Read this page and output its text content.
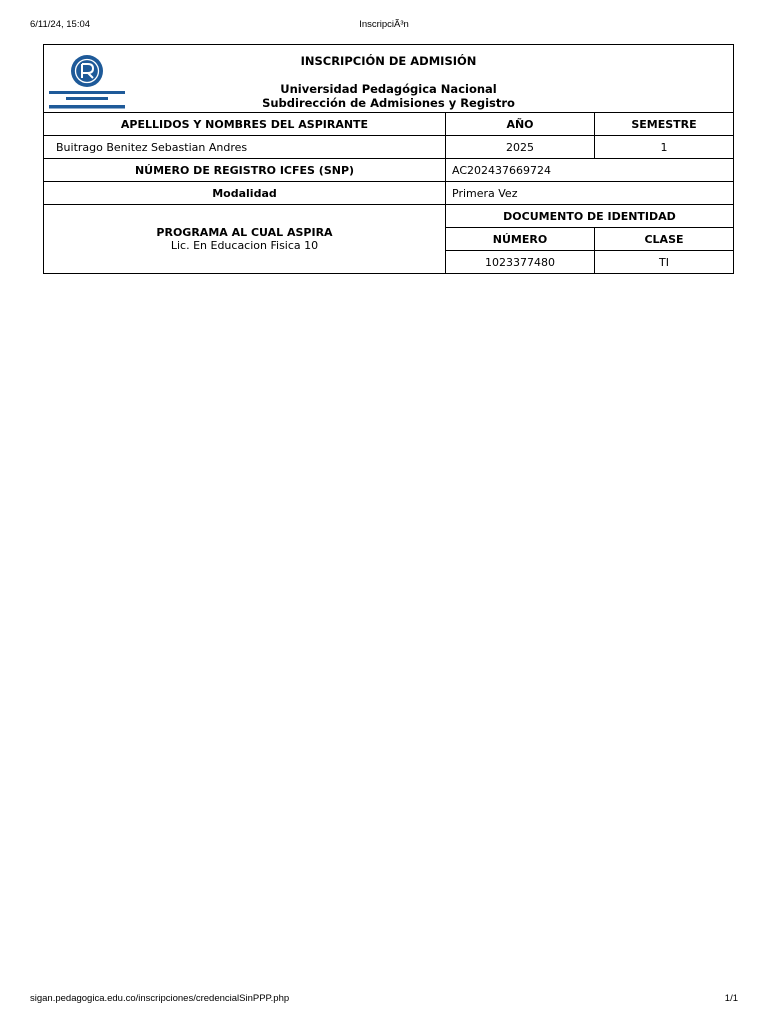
6/11/24, 15:04	InscripciÃ³n
INSCRIPCIÓN DE ADMISIÓN
Universidad Pedagógica Nacional
Subdirección de Admisiones y Registro		

APELLIDOS Y NOMBRES DEL ASPIRANTE	AÑO	SEMESTRE
Buitrago Benitez Sebastian Andres	2025	1
NÚMERO DE REGISTRO ICFES (SNP)	AC202437669724	
Modalidad	Primera Vez	

PROGRAMA AL CUAL ASPIRA
Lic. En Educacion Fisica 10	DOCUMENTO DE IDENTIDAD	
	NÚMERO	CLASE
	1023377480	TI
sigan.pedagogica.edu.co/inscripciones/credencialSinPPP.php	1/1
